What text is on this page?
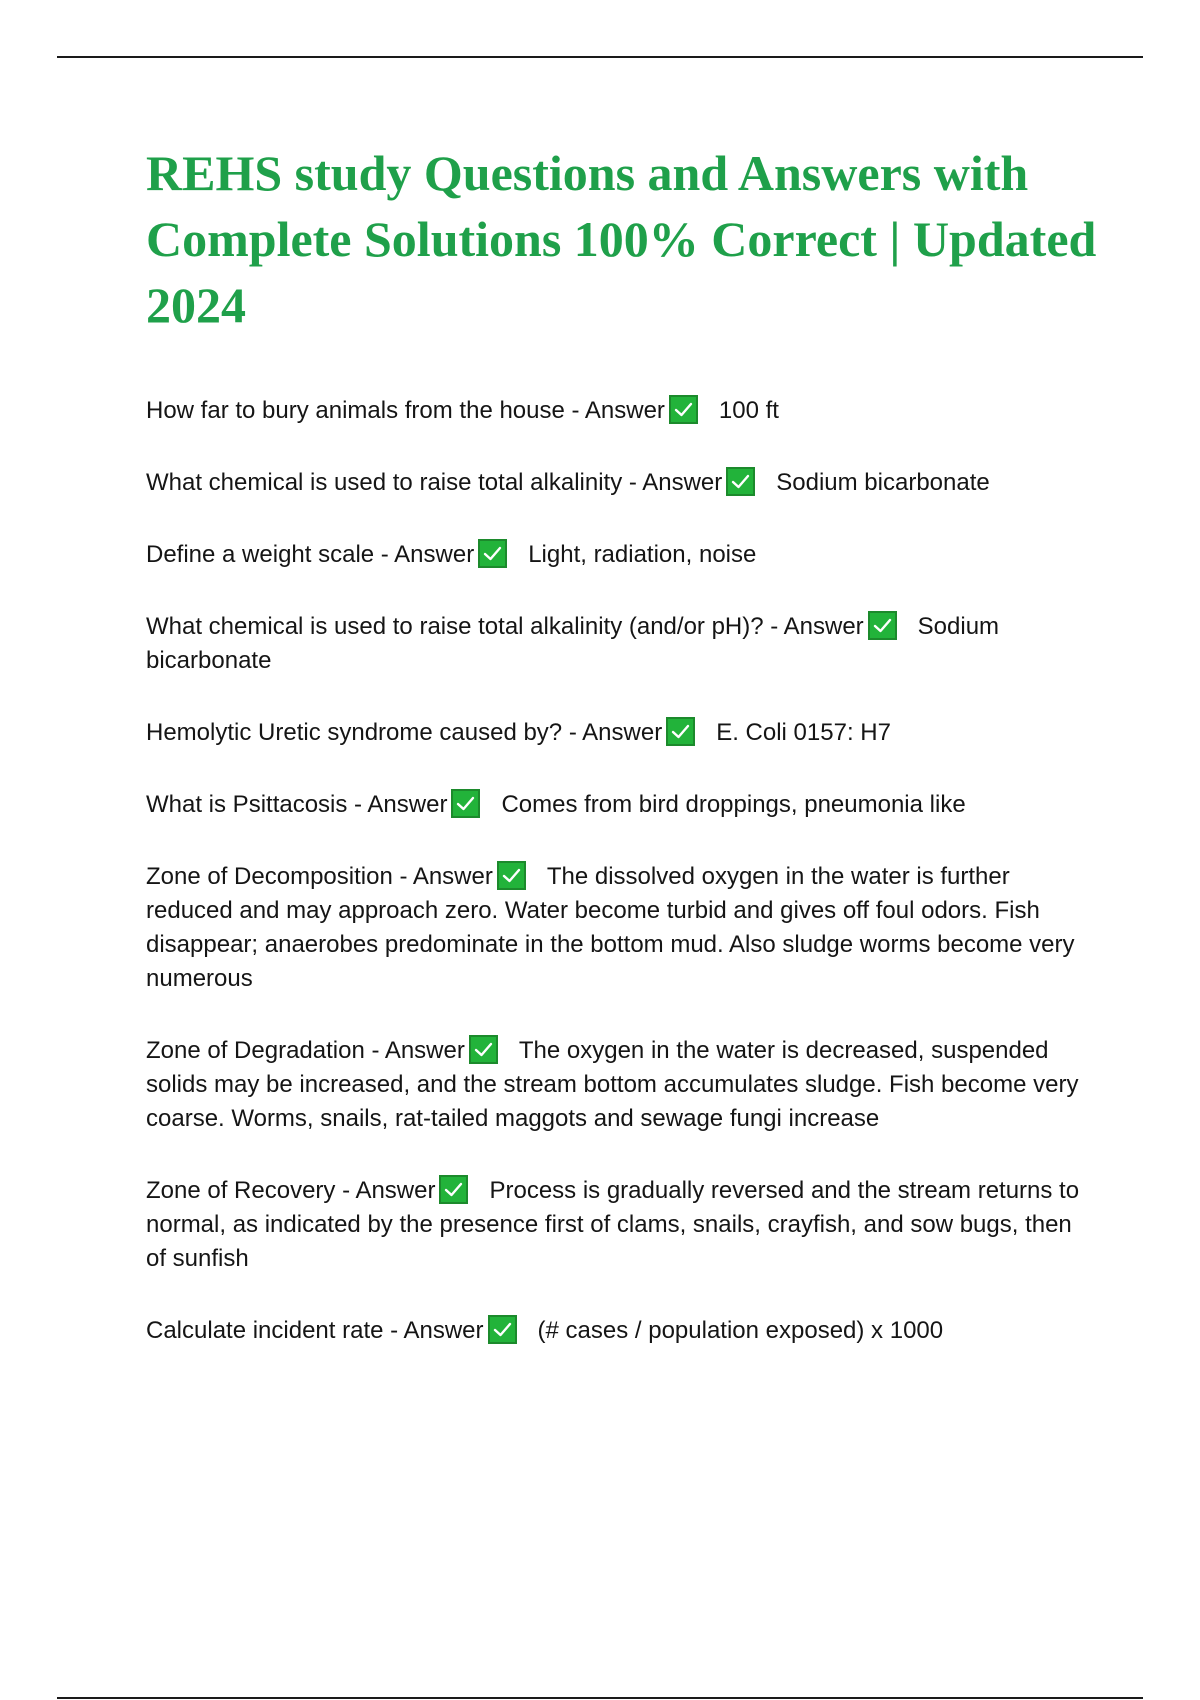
REHS study Questions and Answers with Complete Solutions 100% Correct | Updated 2024

How far to bury animals from the house - Answer 100 ft

What chemical is used to raise total alkalinity - Answer Sodium bicarbonate

Define a weight scale - Answer Light, radiation, noise

What chemical is used to raise total alkalinity (and/or pH)? - Answer Sodium bicarbonate

Hemolytic Uretic syndrome caused by? - Answer E. Coli 0157: H7

What is Psittacosis - Answer Comes from bird droppings, pneumonia like

Zone of Decomposition - Answer The dissolved oxygen in the water is further reduced and may approach zero. Water become turbid and gives off foul odors. Fish disappear; anaerobes predominate in the bottom mud. Also sludge worms become very numerous

Zone of Degradation - Answer The oxygen in the water is decreased, suspended solids may be increased, and the stream bottom accumulates sludge. Fish become very coarse. Worms, snails, rat-tailed maggots and sewage fungi increase

Zone of Recovery - Answer Process is gradually reversed and the stream returns to normal, as indicated by the presence first of clams, snails, crayfish, and sow bugs, then of sunfish

Calculate incident rate - Answer (# cases / population exposed) x 1000
